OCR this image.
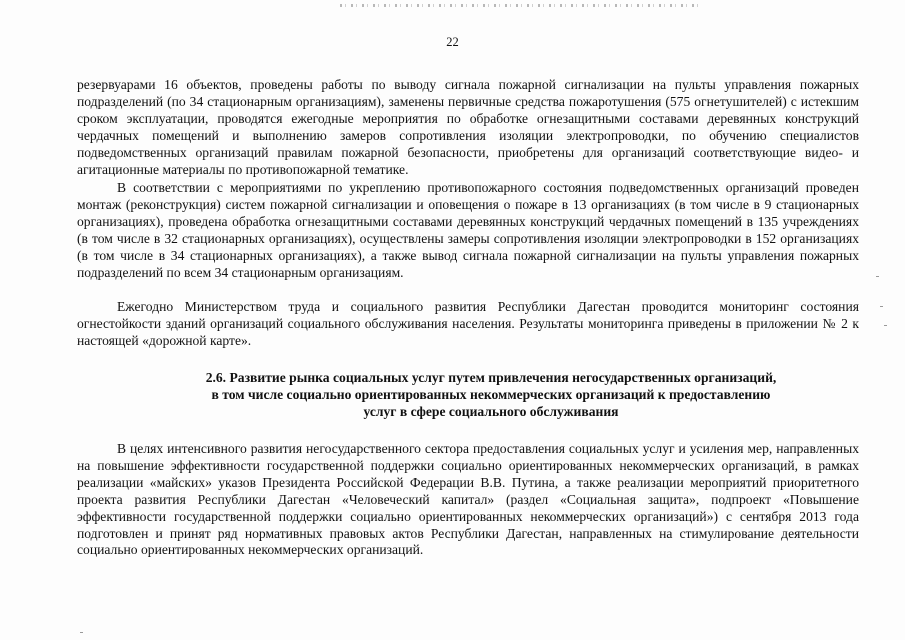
22

резервуарами 16 объектов, проведены работы по выводу сигнала пожарной сигнализации на пульты управления пожарных подразделений (по 34 стационарным организациям), заменены первичные средства пожаротушения (575 огнетушителей) с истекшим сроком эксплуатации, проводятся ежегодные мероприятия по обработке огнезащитными составами деревянных конструкций чердачных помещений и выполнению замеров сопротивления изоляции электропроводки, по обучению специалистов подведомственных организаций правилам пожарной безопасности, приобретены для организаций соответствующие видео- и агитационные материалы по противопожарной тематике.

В соответствии с мероприятиями по укреплению противопожарного состояния подведомственных организаций проведен монтаж (реконструкция) систем пожарной сигнализации и оповещения о пожаре в 13 организациях (в том числе в 9 стационарных организациях), проведена обработка огнезащитными составами деревянных конструкций чердачных помещений в 135 учреждениях (в том числе в 32 стационарных организациях), осуществлены замеры сопротивления изоляции электропроводки в 152 организациях (в том числе в 34 стационарных организациях), а также вывод сигнала пожарной сигнализации на пульты управления пожарных подразделений по всем 34 стационарным организациям.

Ежегодно Министерством труда и социального развития Республики Дагестан проводится мониторинг состояния огнестойкости зданий организаций социального обслуживания населения. Результаты мониторинга приведены в приложении № 2 к настоящей «дорожной карте».

2.6. Развитие рынка социальных услуг путем привлечения негосударственных организаций,
в том числе социально ориентированных некоммерческих организаций к предоставлению
услуг в сфере социального обслуживания

В целях интенсивного развития негосударственного сектора предоставления социальных услуг и усиления мер, направленных на повышение эффективности государственной поддержки социально ориентированных некоммерческих организаций, в рамках реализации «майских» указов Президента Российской Федерации В.В. Путина, а также реализации мероприятий приоритетного проекта развития Республики Дагестан «Человеческий капитал» (раздел «Социальная защита», подпроект «Повышение эффективности государственной поддержки социально ориентированных некоммерческих организаций») с сентября 2013 года подготовлен и принят ряд нормативных правовых актов Республики Дагестан, направленных на стимулирование деятельности социально ориентированных некоммерческих организаций.
